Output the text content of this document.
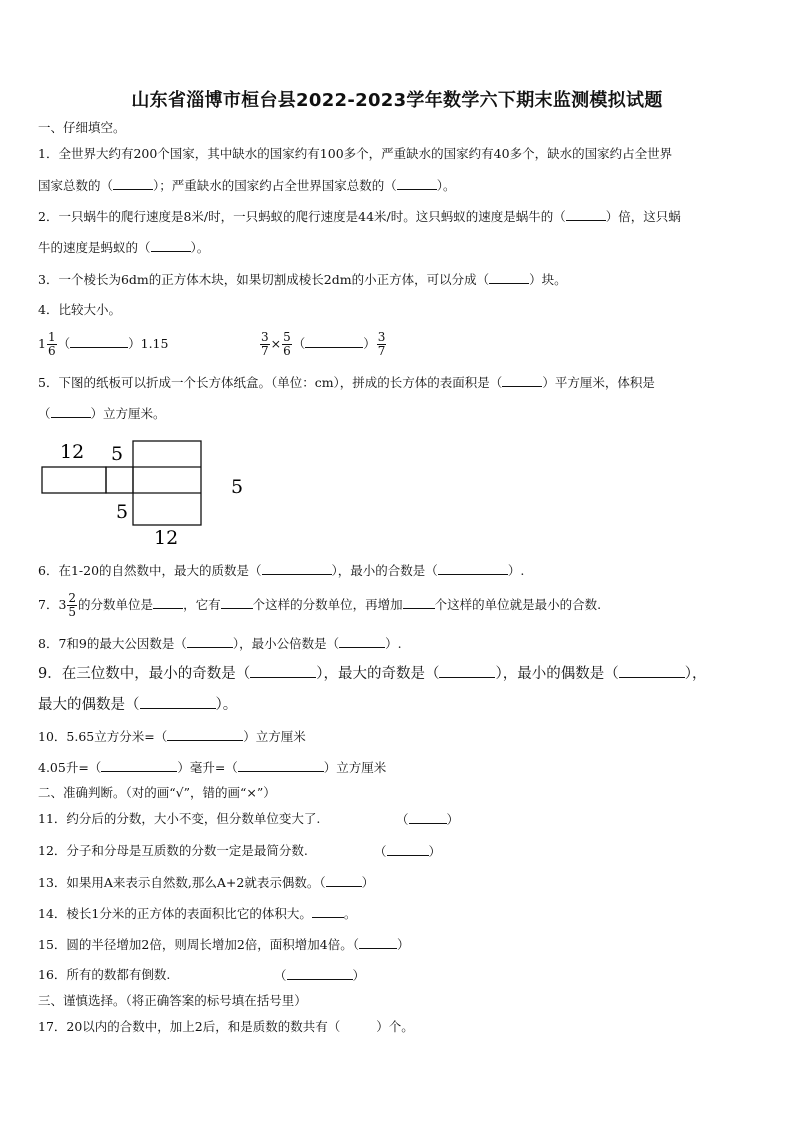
山东省淄博市桓台县2022-2023学年数学六下期末监测模拟试题
一、仔细填空。
1．全世界大约有200个国家，其中缺水的国家约有100多个，严重缺水的国家约有40多个，缺水的国家约占全世界
国家总数的（	）；严重缺水的国家约占全世界国家总数的（	）。
2．一只蜗牛的爬行速度是8米/时，一只蚂蚁的爬行速度是44米/时。这只蚂蚁的速度是蜗牛的（	）倍，这只蜗
牛的速度是蚂蚁的（	）。
3．一个棱长为6dm的正方体木块，如果切割成棱长2dm的小正方体，可以分成（	）块。
4．比较大小。
$1 \frac{1}{6}$ （	）1.15	$\frac{3}{7} \times \frac{5}{6}$ （	） $\frac{3}{7}$
5．下图的纸板可以折成一个长方体纸盒。（单位：cm），拼成的长方体的表面积是（	）平方厘米，体积是
（	）立方厘米。
12 5
5
5
12
6．在1-20的自然数中，最大的质数是（	），最小的合数是（	）.
7．$3 \frac{2}{5}$ 的分数单位是 ，它有	个这样的分数单位，再增加	个这样的单位就是最小的合数.
8．7和9的最大公因数是（	），最小公倍数是（	）.
9．在三位数中，最小的奇数是（	），最大的奇数是（	），最小的偶数是（	），
最大的偶数是（	）。
10．5.65立方分米=（	）立方厘米
4.05升=（	）毫升=（	）立方厘米
二、准确判断。（对的画“√”，错的画“×”）
11．约分后的分数，大小不变，但分数单位变大了.	（	）
12．分子和分母是互质数的分数一定是最简分数.	（	）
13．如果用A来表示自然数,那么A+2就表示偶数。（	）
14．棱长1分米的正方体的表面积比它的体积大。	。
15．圆的半径增加2倍，则周长增加2倍，面积增加4倍。（	）
16．所有的数都有倒数.	（	）
三、谨慎选择。（将正确答案的标号填在括号里）
17．20以内的合数中，加上2后，和是质数的数共有（	）个。
